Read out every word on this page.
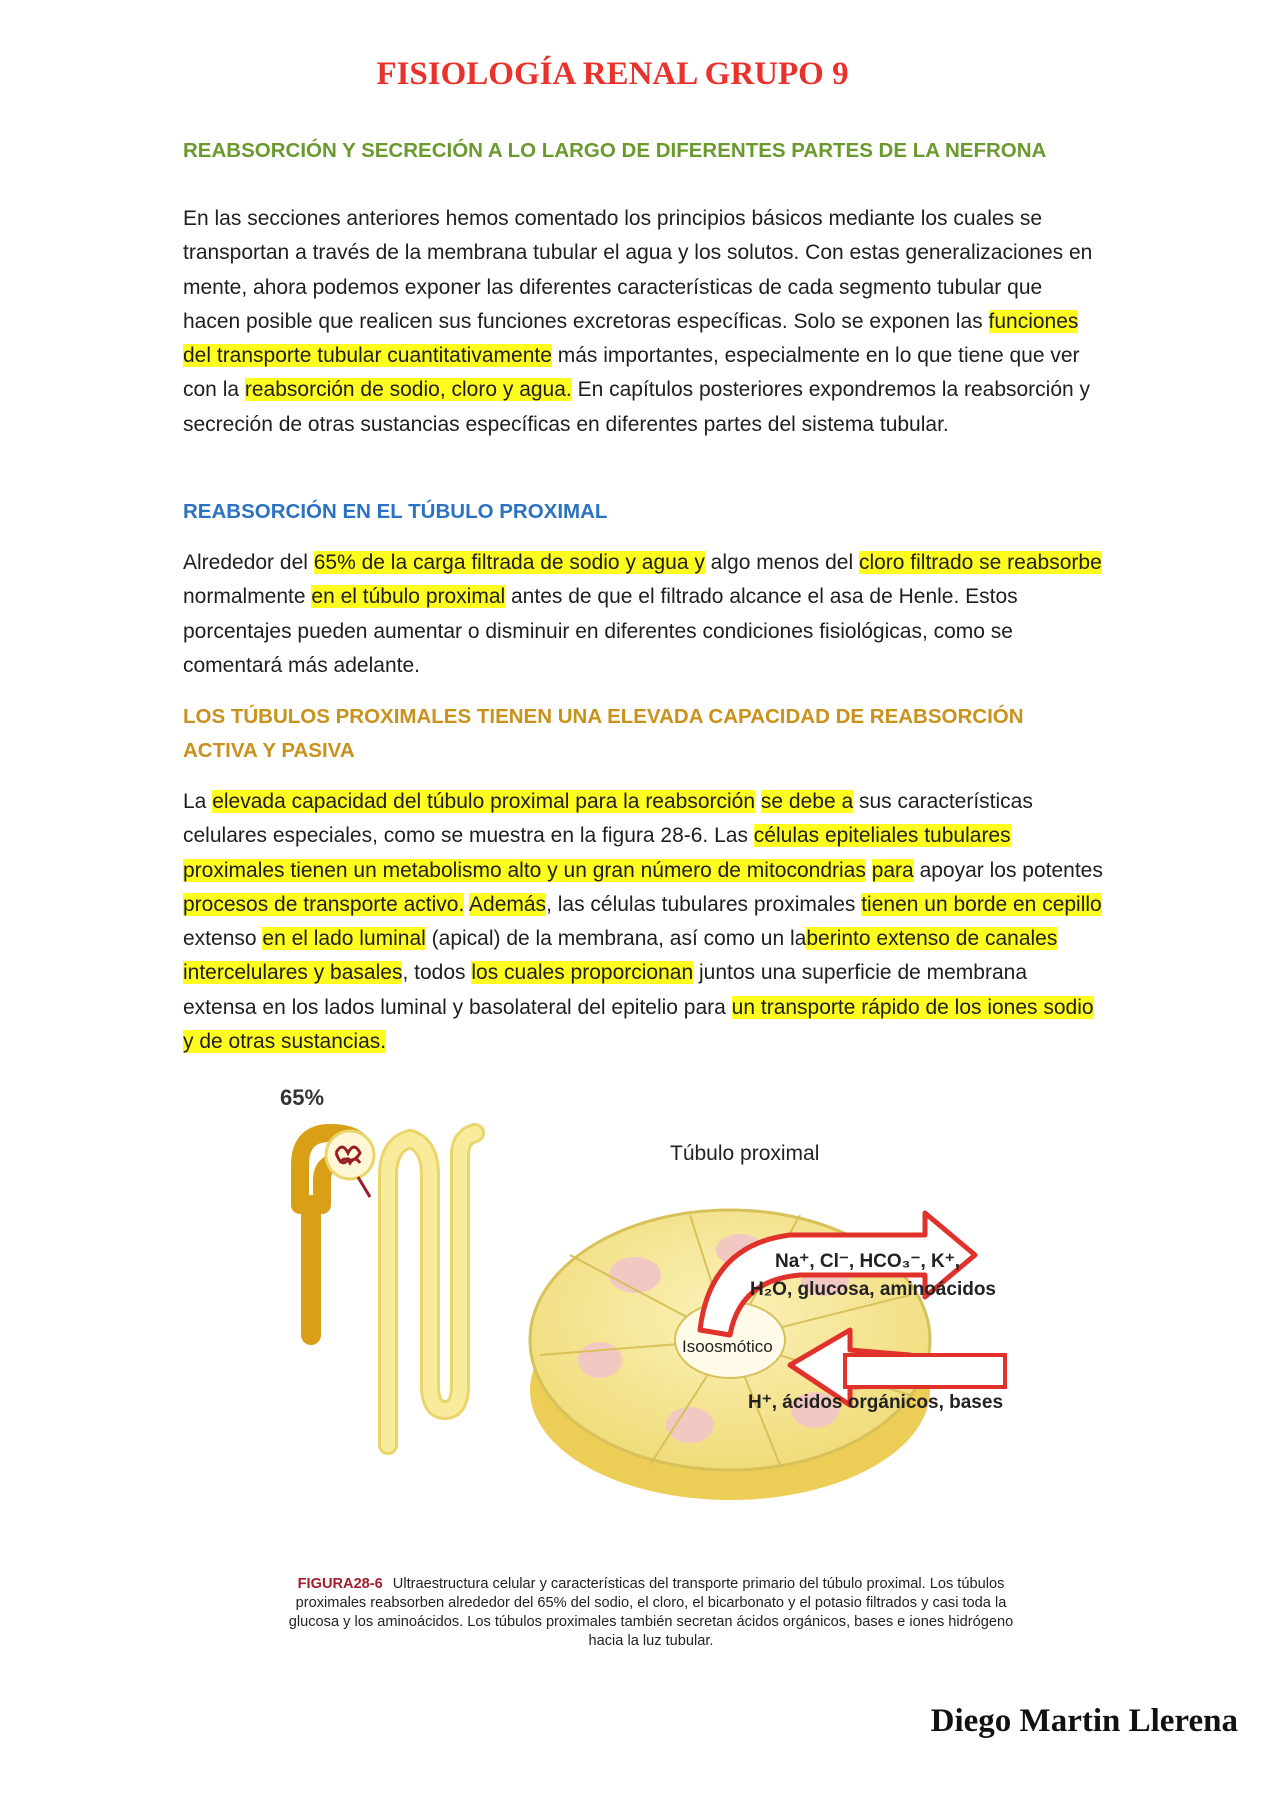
FISIOLOGÍA RENAL GRUPO 9
REABSORCIÓN Y SECRECIÓN A LO LARGO DE DIFERENTES PARTES DE LA NEFRONA

En las secciones anteriores hemos comentado los principios básicos mediante los cuales se transportan a través de la membrana tubular el agua y los solutos. Con estas generalizaciones en mente, ahora podemos exponer las diferentes características de cada segmento tubular que hacen posible que realicen sus funciones excretoras específicas. Solo se exponen las funciones del transporte tubular cuantitativamente más importantes, especialmente en lo que tiene que ver con la reabsorción de sodio, cloro y agua. En capítulos posteriores expondremos la reabsorción y secreción de otras sustancias específicas en diferentes partes del sistema tubular.

REABSORCIÓN EN EL TÚBULO PROXIMAL

Alrededor del 65% de la carga filtrada de sodio y agua y algo menos del cloro filtrado se reabsorbe normalmente en el túbulo proximal antes de que el filtrado alcance el asa de Henle. Estos porcentajes pueden aumentar o disminuir en diferentes condiciones fisiológicas, como se comentará más adelante.

LOS TÚBULOS PROXIMALES TIENEN UNA ELEVADA CAPACIDAD DE REABSORCIÓN ACTIVA Y PASIVA

La elevada capacidad del túbulo proximal para la reabsorción se debe a sus características celulares especiales, como se muestra en la figura 28-6. Las células epiteliales tubulares proximales tienen un metabolismo alto y un gran número de mitocondrias para apoyar los potentes procesos de transporte activo. Además, las células tubulares proximales tienen un borde en cepillo extenso en el lado luminal (apical) de la membrana, así como un laberinto extenso de canales intercelulares y basales, todos los cuales proporcionan juntos una superficie de membrana extensa en los lados luminal y basolateral del epitelio para un transporte rápido de los iones sodio y de otras sustancias.

65%
Túbulo proximal
Na⁺, Cl⁻, HCO₃⁻, K⁺,
H₂O, glucosa, aminoácidos
Isoosmótico
H⁺, ácidos orgánicos, bases
FIGURA28-6 Ultraestructura celular y características del transporte primario del túbulo proximal. Los túbulos proximales reabsorben alrededor del 65% del sodio, el cloro, el bicarbonato y el potasio filtrados y casi toda la glucosa y los aminoácidos. Los túbulos proximales también secretan ácidos orgánicos, bases e iones hidrógeno hacia la luz tubular.
Diego Martin Llerena
